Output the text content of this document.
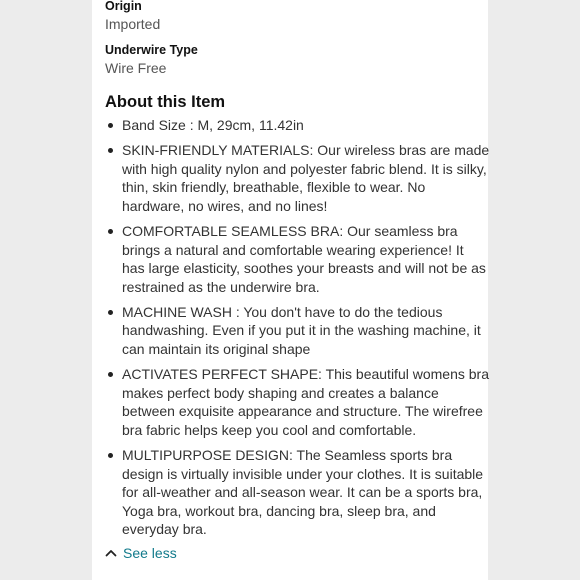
Origin
Imported
Underwire Type
Wire Free
About this Item
Band Size : M, 29cm, 11.42in
SKIN-FRIENDLY MATERIALS: Our wireless bras are made with high quality nylon and polyester fabric blend. It is silky, thin, skin friendly, breathable, flexible to wear. No hardware, no wires, and no lines!
COMFORTABLE SEAMLESS BRA: Our seamless bra brings a natural and comfortable wearing experience! It has large elasticity, soothes your breasts and will not be as restrained as the underwire bra.
MACHINE WASH : You don't have to do the tedious handwashing. Even if you put it in the washing machine, it can maintain its original shape
ACTIVATES PERFECT SHAPE: This beautiful womens bra makes perfect body shaping and creates a balance between exquisite appearance and structure. The wirefree bra fabric helps keep you cool and comfortable.
MULTIPURPOSE DESIGN: The Seamless sports bra design is virtually invisible under your clothes. It is suitable for all-weather and all-season wear. It can be a sports bra, Yoga bra, workout bra, dancing bra, sleep bra, and everyday bra.
See less
